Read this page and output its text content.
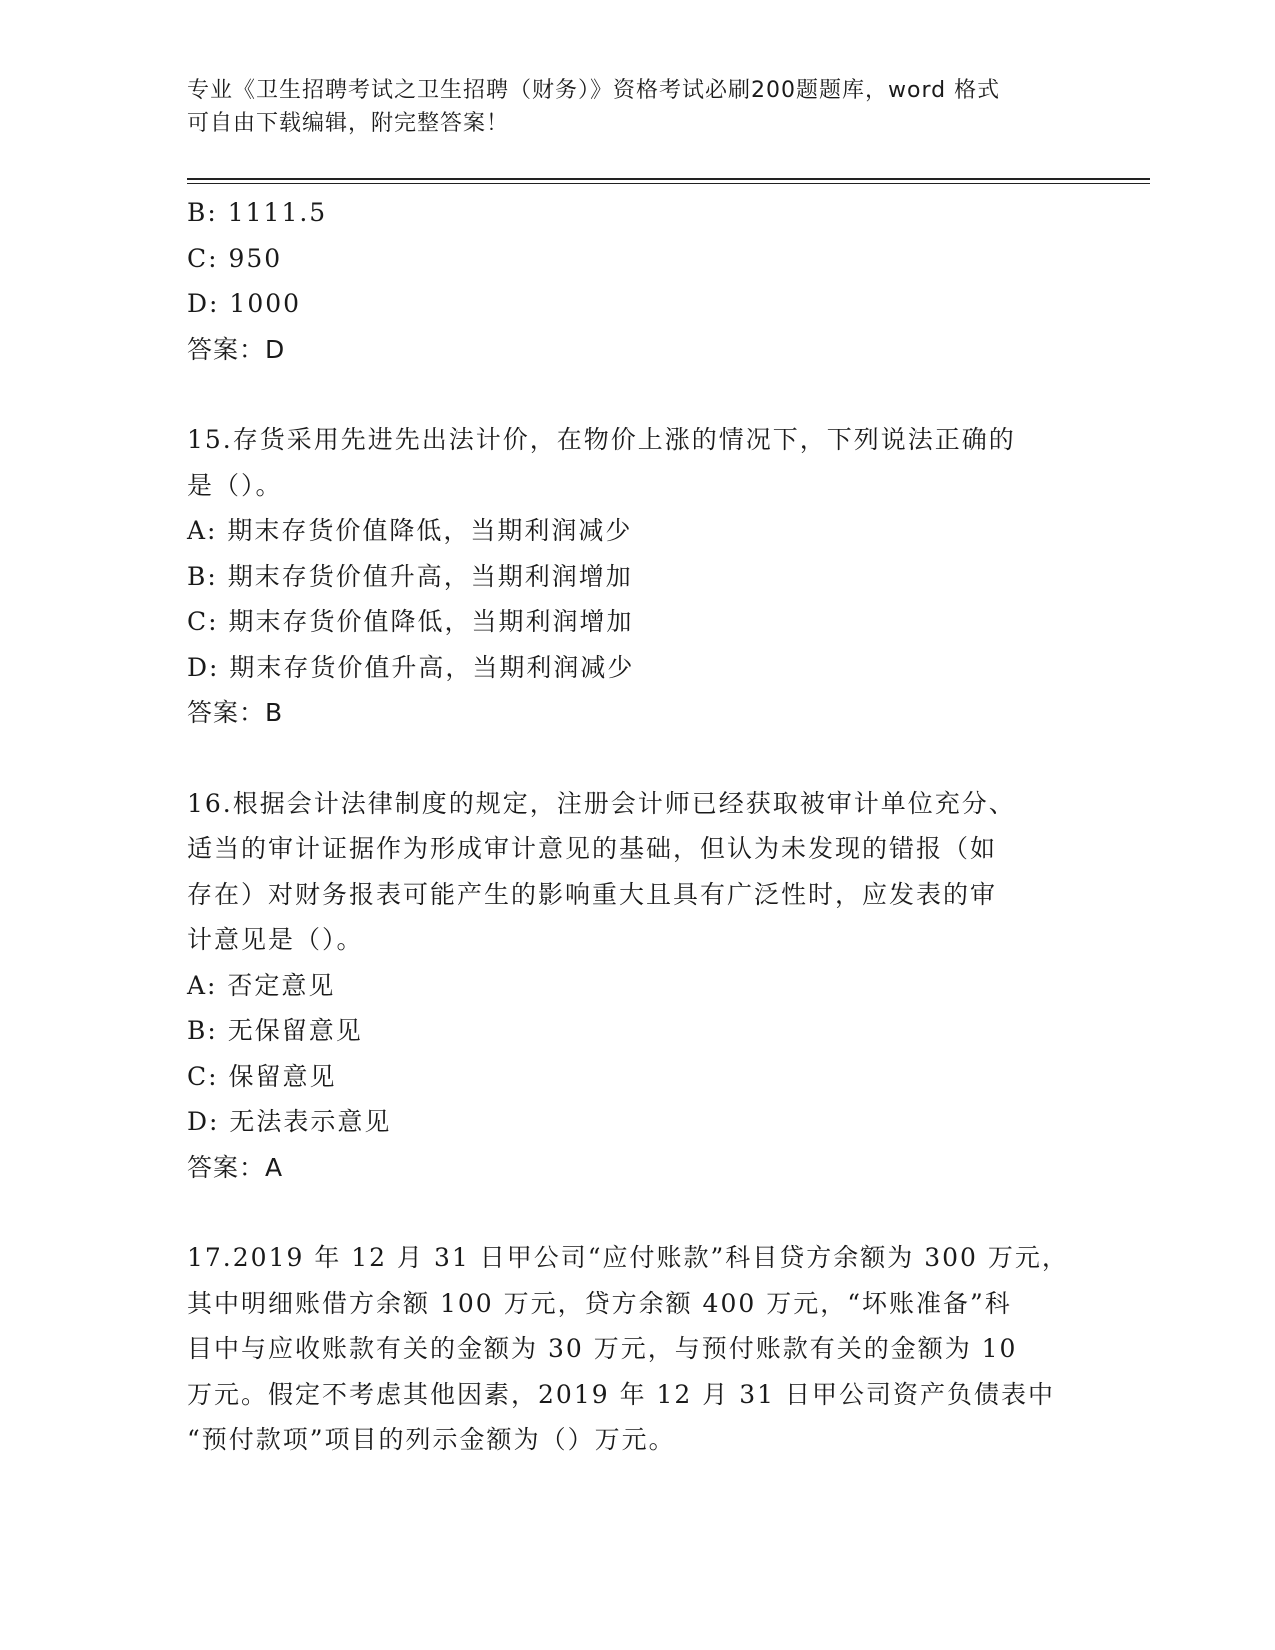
专业《卫生招聘考试之卫生招聘（财务）》资格考试必刷200题题库，word 格式
可自由下载编辑，附完整答案！
B: 1111.5
C: 950
D: 1000
答案：D
15.存货采用先进先出法计价，在物价上涨的情况下，下列说法正确的
是（）。
A: 期末存货价值降低，当期利润减少
B: 期末存货价值升高，当期利润增加
C: 期末存货价值降低，当期利润增加
D: 期末存货价值升高，当期利润减少
答案：B
16.根据会计法律制度的规定，注册会计师已经获取被审计单位充分、
适当的审计证据作为形成审计意见的基础，但认为未发现的错报（如
存在）对财务报表可能产生的影响重大且具有广泛性时，应发表的审
计意见是（）。
A: 否定意见
B: 无保留意见
C: 保留意见
D: 无法表示意见
答案：A
17.2019 年 12 月 31 日甲公司“应付账款”科目贷方余额为 300 万元，
其中明细账借方余额 100 万元，贷方余额 400 万元，“坏账准备”科
目中与应收账款有关的金额为 30 万元，与预付账款有关的金额为 10
万元。假定不考虑其他因素，2019 年 12 月 31 日甲公司资产负债表中
“预付款项”项目的列示金额为（）万元。
